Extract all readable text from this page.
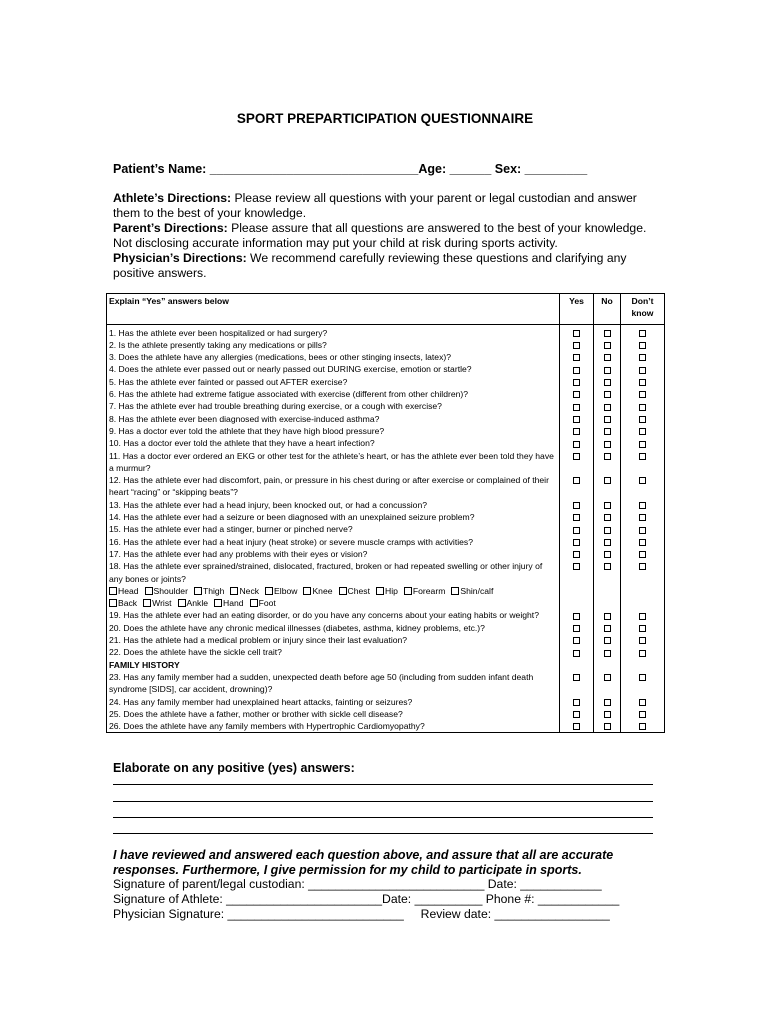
SPORT PREPARTICIPATION QUESTIONNAIRE
Patient’s Name: ______________________________Age: ______ Sex: _________

Athlete’s Directions: Please review all questions with your parent or legal custodian and answer them to the best of your knowledge.

Parent’s Directions: Please assure that all questions are answered to the best of your knowledge. Not disclosing accurate information may put your child at risk during sports activity.

Physician’s Directions: We recommend carefully reviewing these questions and clarifying any positive answers.

Explain “Yes” answers below	Yes	No	Don’t know
1. Has the athlete ever been hospitalized or had surgery?			
2. Is the athlete presently taking any medications or pills?			
3. Does the athlete have any allergies (medications, bees or other stinging insects, latex)?			
4. Does the athlete ever passed out or nearly passed out DURING exercise, emotion or startle?			
5. Has the athlete ever fainted or passed out AFTER exercise?			
6. Has the athlete had extreme fatigue associated with exercise (different from other children)?			
7. Has the athlete ever had trouble breathing during exercise, or a cough with exercise?			
8. Has the athlete ever been diagnosed with exercise-induced asthma?			
9. Has a doctor ever told the athlete that they have high blood pressure?			
10. Has a doctor ever told the athlete that they have a heart infection?			
11. Has a doctor ever ordered an EKG or other test for the athlete’s heart, or has the athlete ever been told they have a murmur?			
12. Has the athlete ever had discomfort, pain, or pressure in his chest during or after exercise or complained of their heart “racing” or “skipping beats”?			
13. Has the athlete ever had a head injury, been knocked out, or had a concussion?			
14. Has the athlete ever had a seizure or been diagnosed with an unexplained seizure problem?			
15. Has the athlete ever had a stinger, burner or pinched nerve?			
16. Has the athlete ever had a heat injury (heat stroke) or severe muscle cramps with activities?			
17. Has the athlete ever had any problems with their eyes or vision?			
18. Has the athlete ever sprained/strained, dislocated, fractured, broken or had repeated swelling or other injury of any bones or joints?			
Head Shoulder Thigh Neck Elbow Knee Chest Hip Forearm Shin/calf
Back Wrist Ankle Hand Foot			
19. Has the athlete ever had an eating disorder, or do you have any concerns about your eating habits or weight?			
20. Does the athlete have any chronic medical illnesses (diabetes, asthma, kidney problems, etc.)?			
21. Has the athlete had a medical problem or injury since their last evaluation?			
22. Does the athlete have the sickle cell trait?			
FAMILY HISTORY			
23. Has any family member had a sudden, unexpected death before age 50 (including from sudden infant death syndrome [SIDS], car accident, drowning)?			
24. Has any family member had unexplained heart attacks, fainting or seizures?			
25. Does the athlete have a father, mother or brother with sickle cell disease?			
26. Does the athlete have any family members with Hypertrophic Cardiomyopathy?			
Elaborate on any positive (yes) answers:
I have reviewed and answered each question above, and assure that all are accurate responses. Furthermore, I give permission for my child to participate in sports.
Signature of parent/legal custodian: __________________________ Date: ____________
Signature of Athlete: _______________________Date: __________ Phone #: ____________
Physician Signature: __________________________     Review date: _________________
